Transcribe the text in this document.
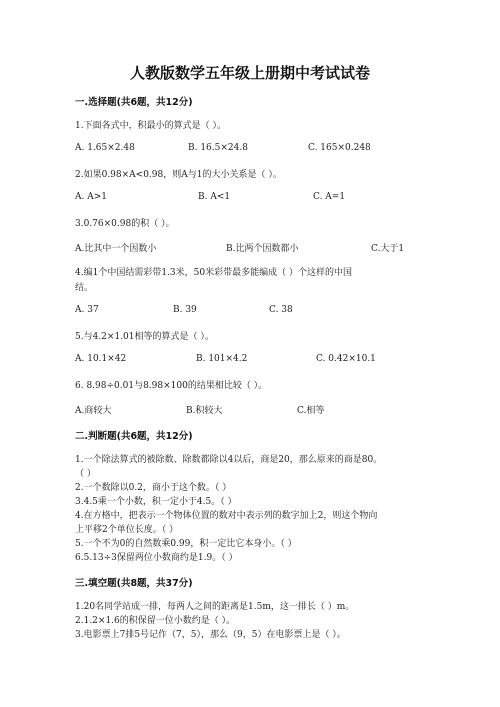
人教版数学五年级上册期中考试试卷
一.选择题(共6题，共12分)
1.下面各式中，积最小的算式是（ ）。
A. 1.65×2.48	B. 16.5×24.8	C. 165×0.248
2.如果0.98×A<0.98，则A与1的大小关系是（ ）。
A. A>1	B. A<1	C. A=1
3.0.76×0.98的积（ ）。
A.比其中一个因数小	B.比两个因数都小	C.大于1
4.编1个中国结需彩带1.3米，50米彩带最多能编成（ ）个这样的中国
结。
A. 37	B. 39	C. 38
5.与4.2×1.01相等的算式是（ ）。
A. 10.1×42	B. 101×4.2	C. 0.42×10.1
6. 8.98÷0.01与8.98×100的结果相比较（ ）。
A.商较大	B.积较大	C.相等
二.判断题(共6题，共12分)
1.一个除法算式的被除数、除数都除以4以后，商是20，那么原来的商是80。
（ ）
2.一个数除以0.2，商小于这个数。（ ）
3.4.5乘一个小数，积一定小于4.5。（ ）
4.在方格中，把表示一个物体位置的数对中表示列的数字加上2，则这个物向
上平移2个单位长度。（ ）
5.一个不为0的自然数乘0.99，积一定比它本身小。（ ）
6.5.13÷3保留两位小数商约是1.9。（ ）
三.填空题(共8题，共37分)
1.20名同学站成一排，每两人之间的距离是1.5m，这一排长（ ）m。
2.1.2×1.6的积保留一位小数约是（ ）。
3.电影票上7排5号记作（7，5），那么（9，5）在电影票上是（ ）。
